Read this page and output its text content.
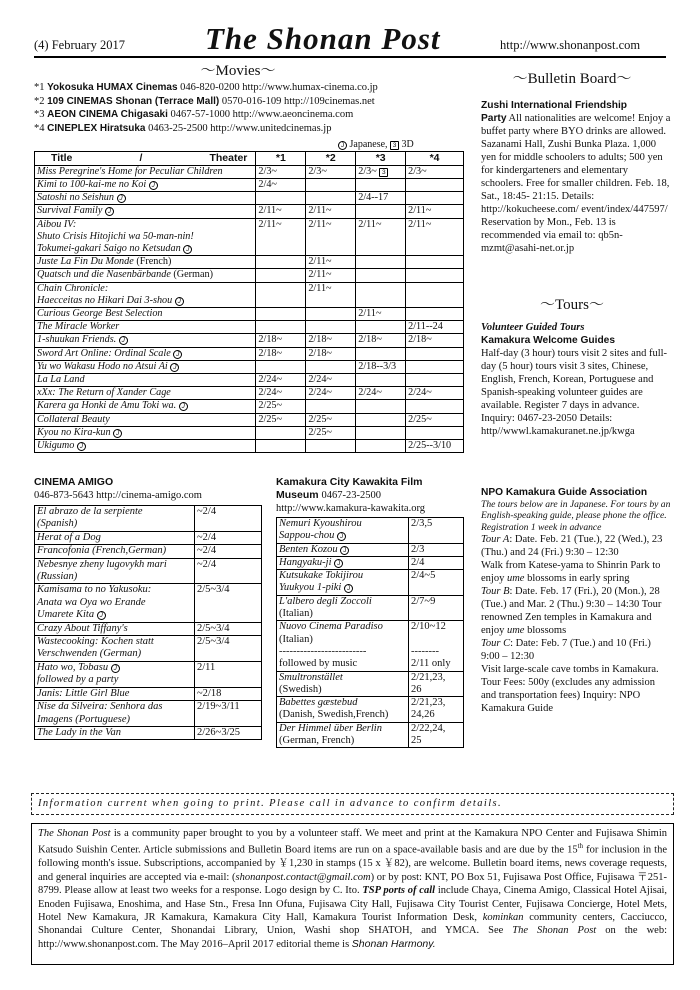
(4) February 2017	The Shonan Post	http://www.shonanpost.com
～Movies～
*1 Yokosuka HUMAX Cinemas 046-820-0200 http://www.humax-cinema.co.jp
*2 109 CINEMAS Shonan (Terrace Mall) 0570-016-109 http://109cinemas.net
*3 AEON CINEMA Chigasaki 0467-57-1000 http://www.aeoncinema.com
*4 CINEPLEX Hiratsuka 0463-25-2500 http://www.unitedcinemas.jp
J Japanese, 3 3D
Title / Theater	*1	*2	*3	*4
Miss Peregrine's Home for Peculiar Children	2/3~	2/3~	2/3~ 3	2/3~
Kimi to 100-kai-me no Koi J	2/4~			
Satoshi no Seishun J			2/4--17	
Survival Family J	2/11~	2/11~		2/11~
Aibou IV:
Shuto Crisis Hitojichi wa 50-man-nin!
Tokumei-gakari Saigo no Ketsudan J	2/11~	2/11~	2/11~	2/11~
Juste La Fin Du Monde (French)		2/11~		
Quatsch und die Nasenbärbande (German)		2/11~		
Chain Chronicle:
Haecceitas no Hikari Dai 3-shou J		2/11~		
Curious George Best Selection			2/11~	
The Miracle Worker				2/11--24
1-shuukan Friends. J	2/18~	2/18~	2/18~	2/18~
Sword Art Online: Ordinal Scale J	2/18~	2/18~		
Yu wo Wakasu Hodo no Atsui Ai J			2/18--3/3	
La La Land	2/24~	2/24~		
xXx: The Return of Xander Cage	2/24~	2/24~	2/24~	2/24~
Karera ga Honki de Amu Toki wa. J	2/25~			
Collateral Beauty	2/25~	2/25~		2/25~
Kyou no Kira-kun J		2/25~		
Ukigumo J				2/25--3/10
CINEMA AMIGO
046-873-5643 http://cinema-amigo.com
El abrazo de la serpiente
(Spanish)	~2/4
Herat of a Dog	~2/4
Francofonia (French,German)	~2/4
Nebesnye zheny lugovykh mari
(Russian)	~2/4
Kamisama to no Yakusoku:
Anata wa Oya wo Erande
Umarete Kita J	2/5~3/4
Crazy About Tiffany's	2/5~3/4
Wastecooking: Kochen statt
Verschwenden (German)	2/5~3/4
Hato wo, Tobasu J
followed by a party	2/11
Janis: Little Girl Blue	~2/18
Nise da Silveira: Senhora das
Imagens (Portuguese)	2/19~3/11
The Lady in the Van	2/26~3/25
Kamakura City Kawakita Film Museum 0467-23-2500
http://www.kamakura-kawakita.org
Nemuri Kyoushirou
Sappou-chou J	2/3,5
Benten Kozou J	2/3
Hangyaku-ji J	2/4
Kutsukake Tokijirou
Yuukyou 1-piki J	2/4~5
L'albero degli Zoccoli
(Italian)	2/7~9
Nuovo Cinema Paradiso
(Italian)
-------------------------
followed by music	2/10~12

--------
2/11 only
Smultronstället
(Swedish)	2/21,23,
26
Babettes gæstebud
(Danish, Swedish,French)	2/21,23,
24,26
Der Himmel über Berlin
(German, French)	2/22,24,
25
～Bulletin Board～
Zushi International Friendship
Party All nationalities are welcome! Enjoy a buffet party where BYO drinks are allowed. Sazanami Hall, Zushi Bunka Plaza. 1,000 yen for middle schoolers to adults; 500 yen for kindergarteners and elementary schoolers. Free for smaller children. Feb. 18, Sat., 18:45- 21:15. Details: http://kokucheese.com/ event/index/447597/ Reservation by Mon., Feb. 13 is recommended via email to: qb5n-mzmt@asahi-net.or.jp
～Tours～
Volunteer Guided Tours
Kamakura Welcome Guides
Half-day (3 hour) tours visit 2 sites and full-day (5 hour) tours visit 3 sites, Chinese, English, French, Korean, Portuguese and Spanish-speaking volunteer guides are available. Register 7 days in advance. Inquiry: 0467-23-2050 Details: http//wwwl.kamakuranet.ne.jp/kwga
NPO Kamakura Guide Association
The tours below are in Japanese. For tours by an English-speaking guide, please phone the office. Registration 1 week in advance
Tour A: Date. Feb. 21 (Tue.), 22 (Wed.), 23 (Thu.) and 24 (Fri.) 9:30 – 12:30
Walk from Katese-yama to Shinrin Park to enjoy ume blossoms in early spring
Tour B: Date. Feb. 17 (Fri.), 20 (Mon.), 28 (Tue.) and Mar. 2 (Thu.) 9:30 – 14:30 Tour renowned Zen temples in Kamakura and enjoy ume blossoms
Tour C: Date: Feb. 7 (Tue.) and 10 (Fri.) 9:00 – 12:30
Visit large-scale cave tombs in Kamakura. Tour Fees: 500y (excludes any admission and transportation fees) Inquiry: NPO Kamakura Guide
Information current when going to print. Please call in advance to confirm details.
The Shonan Post is a community paper brought to you by a volunteer staff. We meet and print at the Kamakura NPO Center and Fujisawa Shimin Katsudo Suishin Center. Article submissions and Bulletin Board items are run on a space-available basis and are due by the 15th for inclusion in the following month's issue. Subscriptions, accompanied by ￥1,230 in stamps (15 x ￥82), are welcome. Bulletin board items, news coverage requests, and general inquiries are accepted via e-mail: (shonanpost.contact@gmail.com) or by post: KNT, PO Box 51, Fujisawa Post Office, Fujisawa 〒251-8799. Please allow at least two weeks for a response. Logo design by C. Ito. TSP ports of call include Chaya, Cinema Amigo, Classical Hotel Ajisai, Enoden Fujisawa, Enoshima, and Hase Stn., Fresa Inn Ofuna, Fujisawa City Hall, Fujisawa City Tourist Center, Fujisawa Concierge, Hotel Mets, Hotel New Kamakura, JR Kamakura, Kamakura City Hall, Kamakura Tourist Information Desk, kominkan community centers, Cacciucco, Shonandai Culture Center, Shonandai Library, Union, Washi shop SHATOH, and YMCA. See The Shonan Post on the web: http://www.shonanpost.com. The May 2016–April 2017 editorial theme is Shonan Harmony.
